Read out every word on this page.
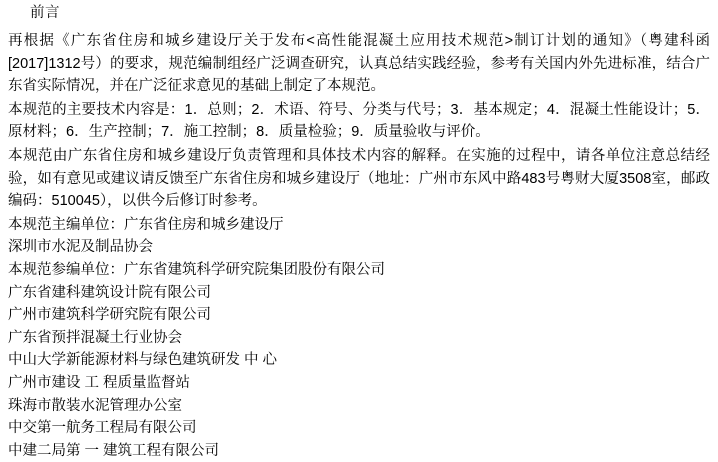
前言

再根据《广东省住房和城乡建设厅关于发布<高性能混凝土应用技术规范>制订计划的通知》（粤建科函[2017]1312号）的要求，规范编制组经广泛调查研究，认真总结实践经验，参考有关国内外先进标准，结合广东省实际情况，并在广泛征求意见的基础上制定了本规范。

本规范的主要技术内容是：1．总则；2．术语、符号、分类与代号；3．基本规定；4．混凝土性能设计；5．原材料；6．生产控制；7．施工控制；8．质量检验；9．质量验收与评价。

本规范由广东省住房和城乡建设厅负责管理和具体技术内容的解释。在实施的过程中，请各单位注意总结经验，如有意见或建议请反馈至广东省住房和城乡建设厅（地址：广州市东风中路483号粤财大厦3508室，邮政编码：510045），以供今后修订时参考。

本规范主编单位：广东省住房和城乡建设厅

深圳市水泥及制品协会

本规范参编单位：广东省建筑科学研究院集团股份有限公司

广东省建科建筑设计院有限公司

广州市建筑科学研究院有限公司

广东省预拌混凝土行业协会

中山大学新能源材料与绿色建筑研发 中 心

广州市建设 工 程质量监督站

珠海市散装水泥管理办公室

中交第一航务工程局有限公司

中建二局第 一 建筑工程有限公司
